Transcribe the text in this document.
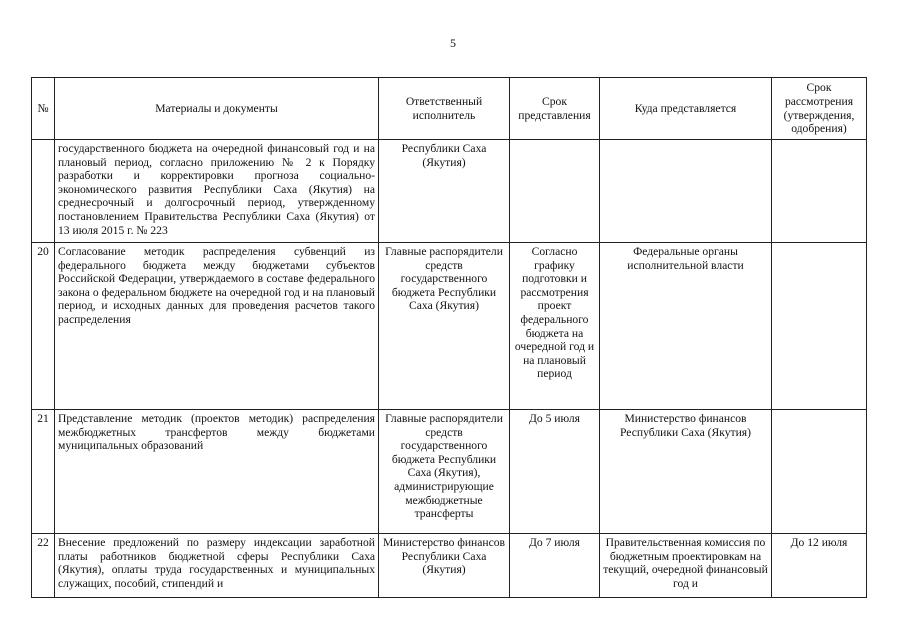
5
№	Материалы и документы	Ответственный исполнитель	Срок представления	Куда представляется	Срок рассмотрения (утверждения, одобрения)
	государственного бюджета на очередной финансовый год и на плановый период, согласно приложению № 2 к Порядку разработки и корректировки прогноза социально-экономического развития Республики Саха (Якутия) на среднесрочный и долгосрочный период, утвержденному постановлением Правительства Республики Саха (Якутия) от 13 июля 2015 г. № 223	Республики Саха (Якутия)			
20	Согласование методик распределения субвенций из федерального бюджета между бюджетами субъектов Российской Федерации, утверждаемого в составе федерального закона о федеральном бюджете на очередной год и на плановый период, и исходных данных для проведения расчетов такого распределения	Главные распорядители средств государственного бюджета Республики Саха (Якутия)	Согласно графику подготовки и рассмотрения проект федерального бюджета на очередной год и на плановый период	Федеральные органы исполнительной власти	
21	Представление методик (проектов методик) распределения межбюджетных трансфертов между бюджетами муниципальных образований	Главные распорядители средств государственного бюджета Республики Саха (Якутия), администрирующие межбюджетные трансферты	До 5 июля	Министерство финансов Республики Саха (Якутия)	
22	Внесение предложений по размеру индексации заработной платы работников бюджетной сферы Республики Саха (Якутия), оплаты труда государственных и муниципальных служащих, пособий, стипендий и	Министерство финансов Республики Саха (Якутия)	До 7 июля	Правительственная комиссия по бюджетным проектировкам на текущий, очередной финансовый год и	До 12 июля
